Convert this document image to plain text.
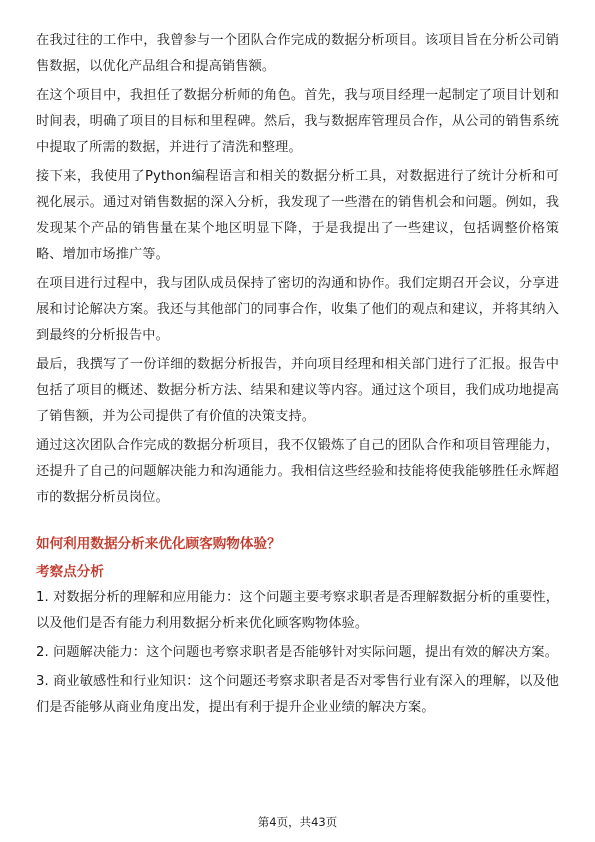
在我过往的工作中，我曾参与一个团队合作完成的数据分析项目。该项目旨在分析公司销售数据，以优化产品组合和提高销售额。

在这个项目中，我担任了数据分析师的角色。首先，我与项目经理一起制定了项目计划和时间表，明确了项目的目标和里程碑。然后，我与数据库管理员合作，从公司的销售系统中提取了所需的数据，并进行了清洗和整理。

接下来，我使用了Python编程语言和相关的数据分析工具，对数据进行了统计分析和可视化展示。通过对销售数据的深入分析，我发现了一些潜在的销售机会和问题。例如，我发现某个产品的销售量在某个地区明显下降，于是我提出了一些建议，包括调整价格策略、增加市场推广等。

在项目进行过程中，我与团队成员保持了密切的沟通和协作。我们定期召开会议，分享进展和讨论解决方案。我还与其他部门的同事合作，收集了他们的观点和建议，并将其纳入到最终的分析报告中。

最后，我撰写了一份详细的数据分析报告，并向项目经理和相关部门进行了汇报。报告中包括了项目的概述、数据分析方法、结果和建议等内容。通过这个项目，我们成功地提高了销售额，并为公司提供了有价值的决策支持。

通过这次团队合作完成的数据分析项目，我不仅锻炼了自己的团队合作和项目管理能力，还提升了自己的问题解决能力和沟通能力。我相信这些经验和技能将使我能够胜任永辉超市的数据分析员岗位。

如何利用数据分析来优化顾客购物体验？
考察点分析

1. 对数据分析的理解和应用能力：这个问题主要考察求职者是否理解数据分析的重要性，以及他们是否有能力利用数据分析来优化顾客购物体验。

2. 问题解决能力：这个问题也考察求职者是否能够针对实际问题，提出有效的解决方案。

3. 商业敏感性和行业知识：这个问题还考察求职者是否对零售行业有深入的理解，以及他们是否能够从商业角度出发，提出有利于提升企业业绩的解决方案。

第4页，共43页
